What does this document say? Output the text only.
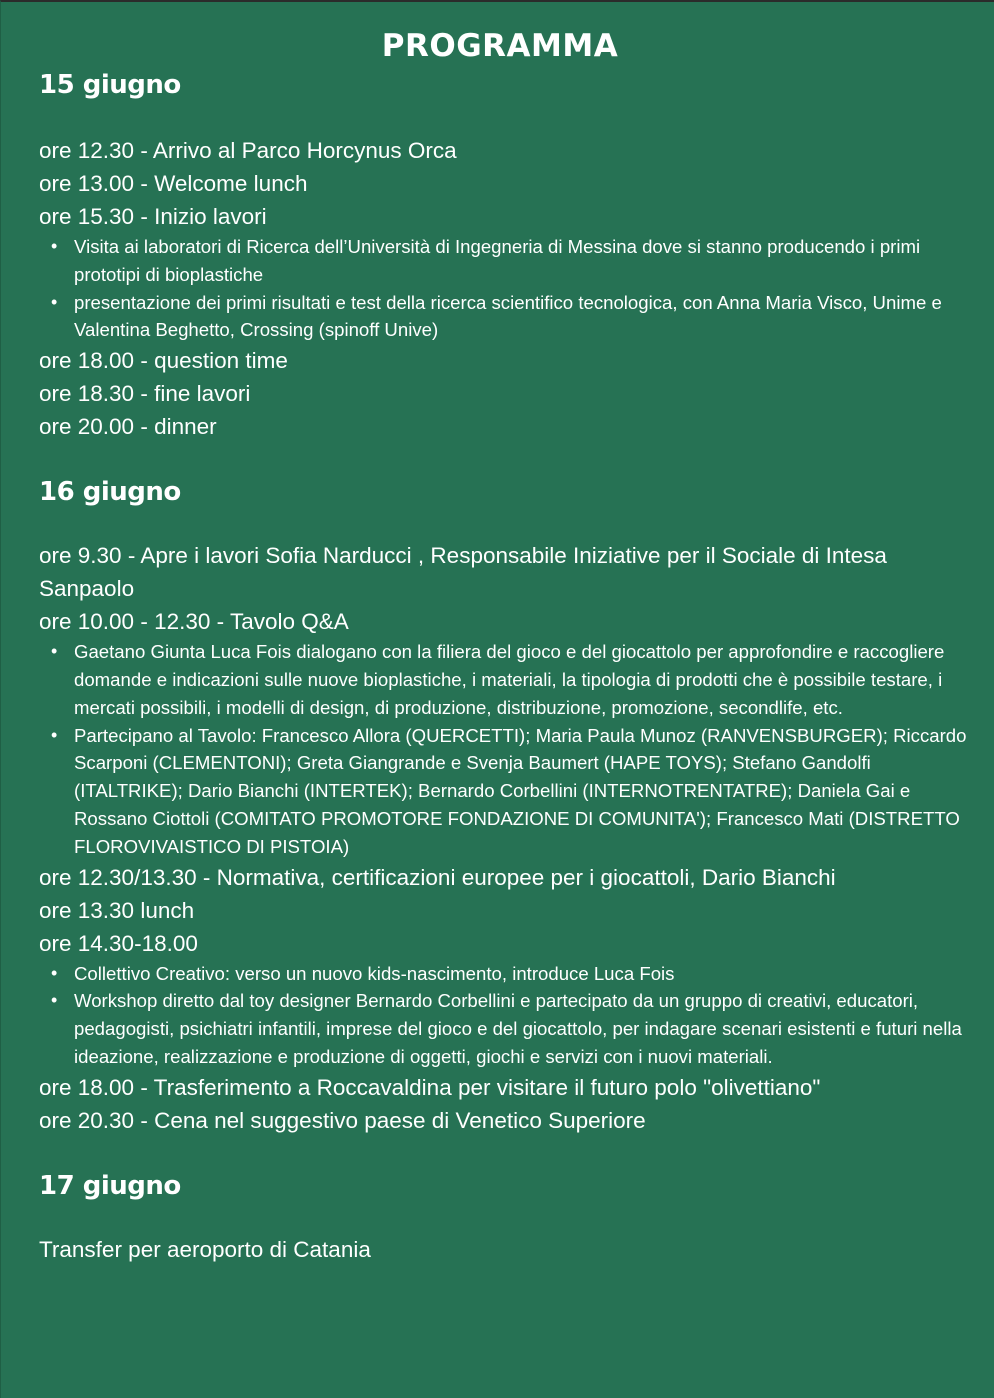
PROGRAMMA
15 giugno
ore 12.30 - Arrivo al Parco Horcynus Orca
ore 13.00 - Welcome lunch
ore 15.30 - Inizio lavori
• Visita ai laboratori di Ricerca dell’Università di Ingegneria di Messina dove si stanno producendo i primi prototipi di bioplastiche
• presentazione dei primi risultati e test della ricerca scientifico tecnologica, con Anna Maria Visco, Unime e Valentina Beghetto, Crossing (spinoff Unive)
ore 18.00 - question time
ore 18.30 - fine lavori
ore 20.00 - dinner
16 giugno
ore 9.30 - Apre i lavori Sofia Narducci , Responsabile Iniziative per il Sociale di Intesa Sanpaolo
ore 10.00 - 12.30 - Tavolo Q&A
• Gaetano Giunta Luca Fois dialogano con la filiera del gioco e del giocattolo per approfondire e raccogliere domande e indicazioni sulle nuove bioplastiche, i materiali, la tipologia di prodotti che è possibile testare, i mercati possibili, i modelli di design, di produzione, distribuzione, promozione, secondlife, etc.
• Partecipano al Tavolo: Francesco Allora (QUERCETTI); Maria Paula Munoz (RANVENSBURGER); Riccardo Scarponi (CLEMENTONI); Greta Giangrande e Svenja Baumert (HAPE TOYS); Stefano Gandolfi (ITALTRIKE); Dario Bianchi (INTERTEK); Bernardo Corbellini (INTERNOTRENTATRE); Daniela Gai e Rossano Ciottoli (COMITATO PROMOTORE FONDAZIONE DI COMUNITA'); Francesco Mati (DISTRETTO FLOROVIVAISTICO DI PISTOIA)
ore 12.30/13.30 - Normativa, certificazioni europee per i giocattoli, Dario Bianchi
ore 13.30 lunch
ore 14.30-18.00
• Collettivo Creativo: verso un nuovo kids-nascimento, introduce Luca Fois
• Workshop diretto dal toy designer Bernardo Corbellini e partecipato da un gruppo di creativi, educatori, pedagogisti, psichiatri infantili, imprese del gioco e del giocattolo, per indagare scenari esistenti e futuri nella ideazione, realizzazione e produzione di oggetti, giochi e servizi con i nuovi materiali.
ore 18.00 - Trasferimento a Roccavaldina per visitare il futuro polo "olivettiano"
ore 20.30 - Cena nel suggestivo paese di Venetico Superiore
17 giugno
Transfer per aeroporto di Catania
